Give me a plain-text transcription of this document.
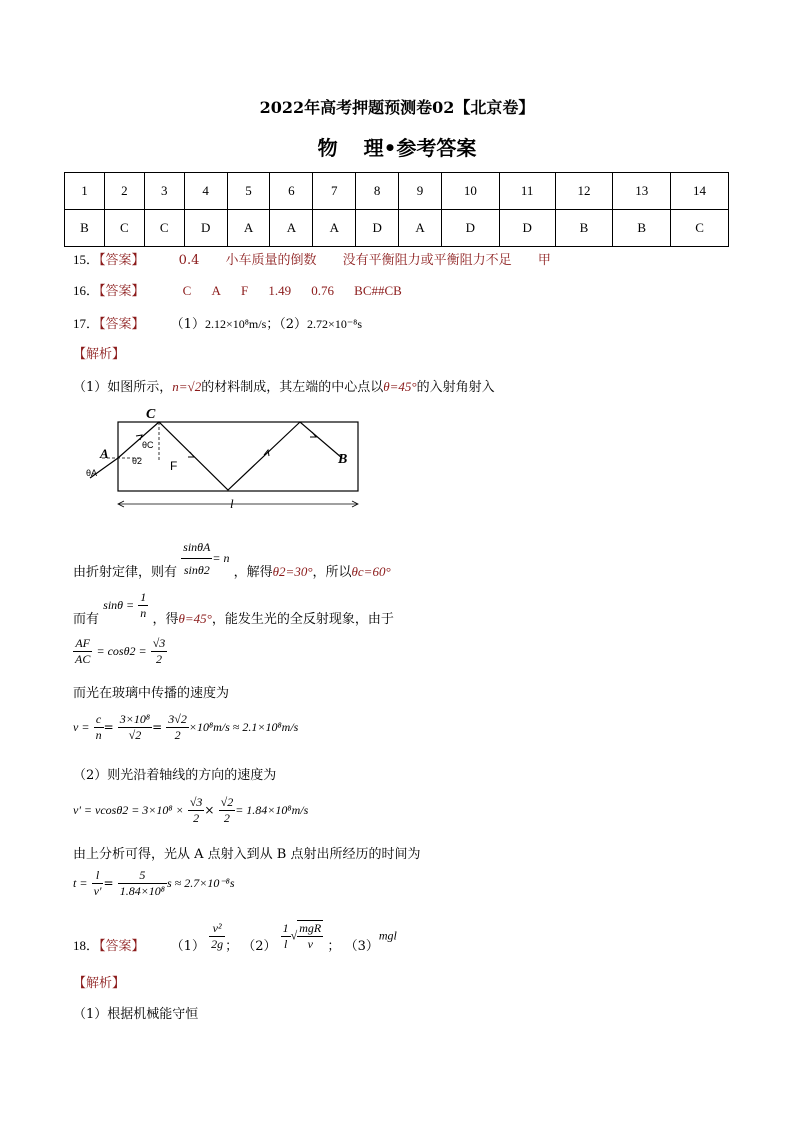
2022年高考押题预测卷02【北京卷】
物 理•参考答案
1	2	3	4	5	6	7	8	9	10	11	12	13	14
B	C	C	D	A	A	A	D	A	D	D	B	B	C
15．【答案】	0.4 小车质量的倒数 没有平衡阻力或平衡阻力不足 甲
16．【答案】	C A F 1.49 0.76 BC##CB
17．【答案】 （1）2.12×10⁸m/s；（2）2.72×10⁻⁸s
【解析】
（1）如图所示，n=√2的材料制成，其左端的中心点以θ=45°的入射角射入
C
A	B
F
l
θC
θ2
θA
由折射定律，则有 $\frac{\sin\theta A}{\sin\theta 2} = n$ ，解得θ2=30°，所以θc=60°
而有 $\sin\theta = \frac{1}{n}$ ，得θ=45°，能发生光的全反射现象，由于
$\frac{AF}{AC} = \cos\theta 2 = \frac{√3}{2}$
而光在玻璃中传播的速度为
$v = \frac{c}{n} = \frac{\text{3×10⁸}}{√2} = \frac{3√2}{2} \times 10^8m/s \approx 2.1\times 10^8m/s$
（2）则光沿着轴线的方向的速度为
$v' = vcos\theta 2 = 3\times 10^8 \times \frac{√3}{2} \times \frac{√2}{2} = 1.84\times 10^8m/s$
由上分析可得，光从 A 点射入到从 B 点射出所经历的时间为
$t = \frac{l}{v'} = \frac{5}{\text{1.84×10⁸}}$ s ≈ 2.7×10⁻⁸s
18．【答案】 $(1) \frac{\text{v²}}{2g}$ ； $(2) \frac{1}{l}$ √ $\frac{\text{mgR}}{v}$ ； （3）mgl
【解析】
（1）根据机械能守恒
